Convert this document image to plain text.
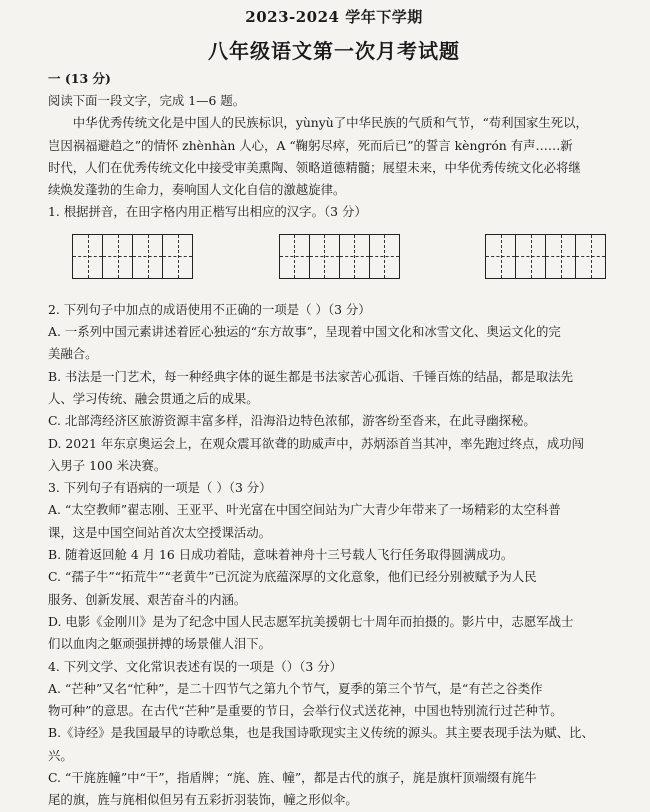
2023-2024 学年下学期
八年级语文第一次月考试题
一 (13 分)

阅读下面一段文字，完成 1—6 题。

中华优秀传统文化是中国人的民族标识，yùnyù了中华民族的气质和气节，“苟利国家生死以，

岂因祸福避趋之”的情怀 zhènhàn 人心，A “鞠躬尽瘁，死而后已”的誓言 kèngrón 有声……新

时代，人们在优秀传统文化中接受审美熏陶、领略道德精髓；展望未来，中华优秀传统文化必将继

续焕发蓬勃的生命力，奏响国人文化自信的激越旋律。

1. 根据拼音，在田字格内用正楷写出相应的汉字。（3 分）

2. 下列句子中加点的成语使用不正确的一项是（ ）（3 分）

A. 一系列中国元素讲述着匠心独运的“东方故事”，呈现着中国文化和冰雪文化、奥运文化的完

美融合。

B. 书法是一门艺术，每一种经典字体的诞生都是书法家苦心孤诣、千锤百炼的结晶，都是取法先

人、学习传统、融会贯通之后的成果。

C. 北部湾经济区旅游资源丰富多样，沿海沿边特色浓郁，游客纷至沓来，在此寻幽探秘。

D. 2021 年东京奥运会上，在观众震耳欲聋的助威声中，苏炳添首当其冲，率先跑过终点，成功闯

入男子 100 米决赛。

3. 下列句子有语病的一项是（ ）（3 分）

A. “太空教师”翟志刚、王亚平、叶光富在中国空间站为广大青少年带来了一场精彩的太空科普

课，这是中国空间站首次太空授课活动。

B. 随着返回舱 4 月 16 日成功着陆，意味着神舟十三号载人飞行任务取得圆满成功。

C. “孺子牛”“拓荒牛”“老黄牛”已沉淀为底蕴深厚的文化意象，他们已经分别被赋予为人民

服务、创新发展、艰苦奋斗的内涵。

D. 电影《金刚川》是为了纪念中国人民志愿军抗美援朝七十周年而拍摄的。影片中，志愿军战士

们以血肉之躯顽强拼搏的场景催人泪下。

4. 下列文学、文化常识表述有误的一项是（）（3 分）

A. “芒种”又名“忙种”，是二十四节气之第九个节气，夏季的第三个节气，是“有芒之谷类作

物可种”的意思。在古代“芒种”是重要的节日，会举行仪式送花神，中国也特别流行过芒种节。

B.《诗经》是我国最早的诗歌总集，也是我国诗歌现实主义传统的源头。其主要表现手法为赋、比、

兴。

C. “干旄旌幢”中“干”，指盾牌；“旄、旌、幢”，都是古代的旗子，旄是旗杆顶端缀有旄牛

尾的旗，旌与旄相似但另有五彩折羽装饰，幢之形似伞。
